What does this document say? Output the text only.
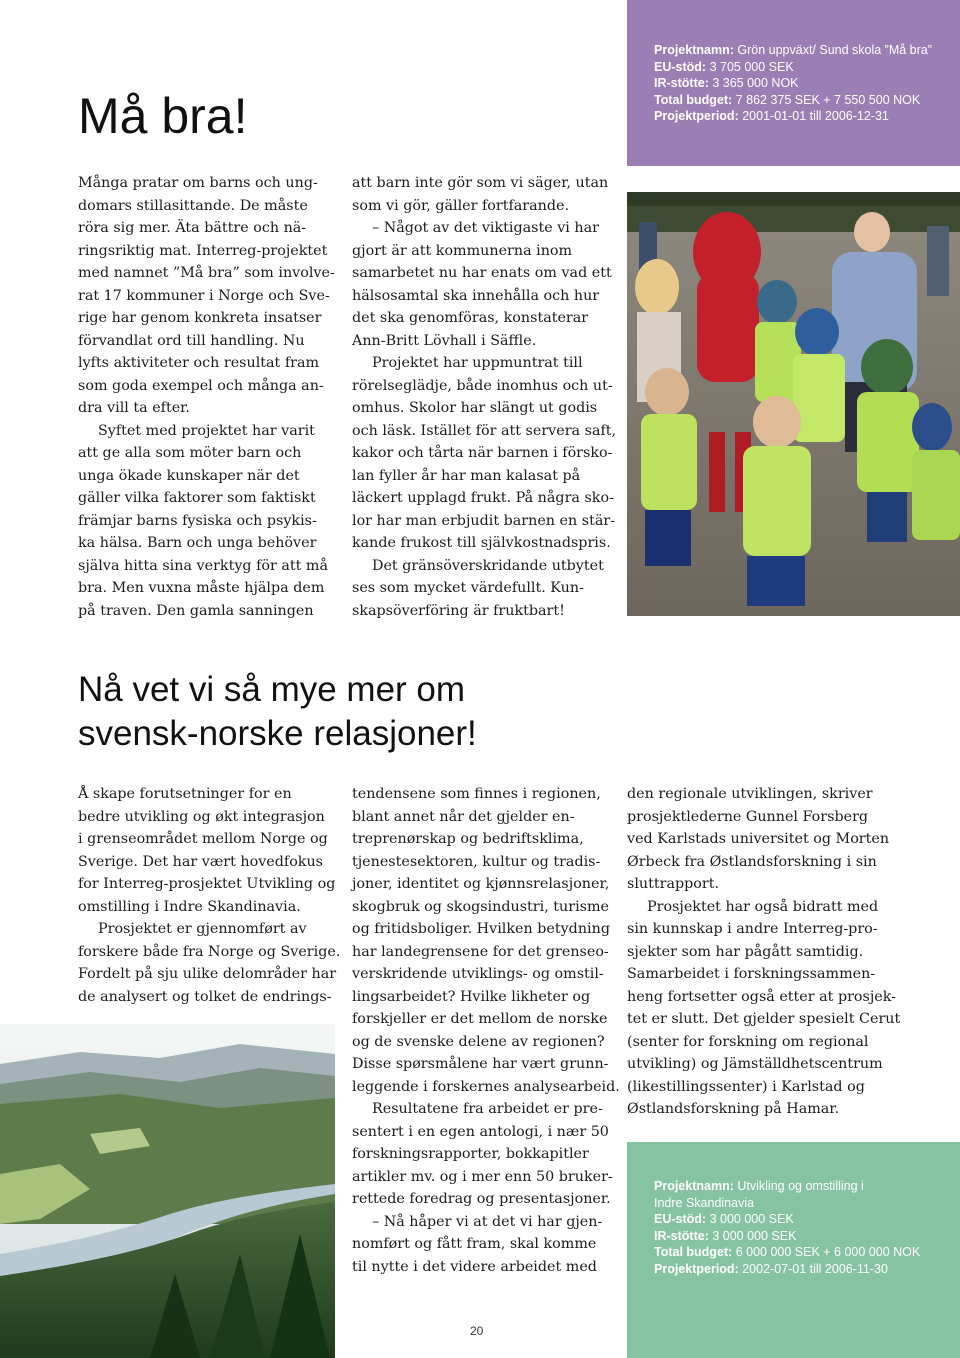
Må bra!
Projektnamn: Grön uppväxt/ Sund skola ”Må bra”
EU-stöd: 3 705 000 SEK
IR-stötte: 3 365 000 NOK
Total budget: 7 862 375 SEK + 7 550 500 NOK
Projektperiod: 2001-01-01 till 2006-12-31

Många pratar om barns och ung-

domars stillasittande. De måste

röra sig mer. Äta bättre och nä-

ringsriktig mat. Interreg-projektet

med namnet ”Må bra” som involve-

rat 17 kommuner i Norge och Sve-

rige har genom konkreta insatser

förvandlat ord till handling. Nu

lyfts aktiviteter och resultat fram

som goda exempel och många an-

dra vill ta efter.

Syftet med projektet har varit

att ge alla som möter barn och

unga ökade kunskaper när det

gäller vilka faktorer som faktiskt

främjar barns fysiska och psykis-

ka hälsa. Barn och unga behöver

själva hitta sina verktyg för att må

bra. Men vuxna måste hjälpa dem

på traven. Den gamla sanningen

att barn inte gör som vi säger, utan

som vi gör, gäller fortfarande.

– Något av det viktigaste vi har

gjort är att kommunerna inom

samarbetet nu har enats om vad ett

hälsosamtal ska innehålla och hur

det ska genomföras, konstaterar

Ann-Britt Lövhall i Säffle.

Projektet har uppmuntrat till

rörelseglädje, både inomhus och ut-

omhus. Skolor har slängt ut godis

och läsk. Istället för att servera saft,

kakor och tårta när barnen i försko-

lan fyller år har man kalasat på

läckert upplagd frukt. På några sko-

lor har man erbjudit barnen en stär-

kande frukost till självkostnadspris.

Det gränsöverskridande utbytet

ses som mycket värdefullt. Kun-

skapsöverföring är fruktbart!

Nå vet vi så mye mer om
svensk-norske relasjoner!

Å skape forutsetninger for en

bedre utvikling og økt integrasjon

i grenseområdet mellom Norge og

Sverige. Det har vært hovedfokus

for Interreg-prosjektet Utvikling og

omstilling i Indre Skandinavia.

Prosjektet er gjennomført av

forskere både fra Norge og Sverige.

Fordelt på sju ulike delområder har

de analysert og tolket de endrings-

tendensene som finnes i regionen,

blant annet når det gjelder en-

treprenørskap og bedriftsklima,

tjenestesektoren, kultur og tradis-

joner, identitet og kjønnsrelasjoner,

skogbruk og skogsindustri, turisme

og fritidsboliger. Hvilken betydning

har landegrensene for det grenseo-

verskridende utviklings- og omstil-

lingsarbeidet? Hvilke likheter og

forskjeller er det mellom de norske

og de svenske delene av regionen?

Disse spørsmålene har vært grunn-

leggende i forskernes analysearbeid.

Resultatene fra arbeidet er pre-

sentert i en egen antologi, i nær 50

forskningsrapporter, bokkapitler

artikler mv. og i mer enn 50 bruker-

rettede foredrag og presentasjoner.

– Nå håper vi at det vi har gjen-

nomført og fått fram, skal komme

til nytte i det videre arbeidet med

den regionale utviklingen, skriver

prosjektlederne Gunnel Forsberg

ved Karlstads universitet og Morten

Ørbeck fra Østlandsforskning i sin

sluttrapport.

Prosjektet har også bidratt med

sin kunnskap i andre Interreg-pro-

sjekter som har pågått samtidig.

Samarbeidet i forskningssammen-

heng fortsetter også etter at prosjek-

tet er slutt. Det gjelder spesielt Cerut

(senter for forskning om regional

utvikling) og Jämställdhetscentrum

(likestillingssenter) i Karlstad og

Østlandsforskning på Hamar.

Projektnamn: Utvikling og omstilling i
Indre Skandinavia
EU-stöd: 3 000 000 SEK
IR-stötte: 3 000 000 SEK
Total budget: 6 000 000 SEK + 6 000 000 NOK
Projektperiod: 2002-07-01 till 2006-11-30
20
